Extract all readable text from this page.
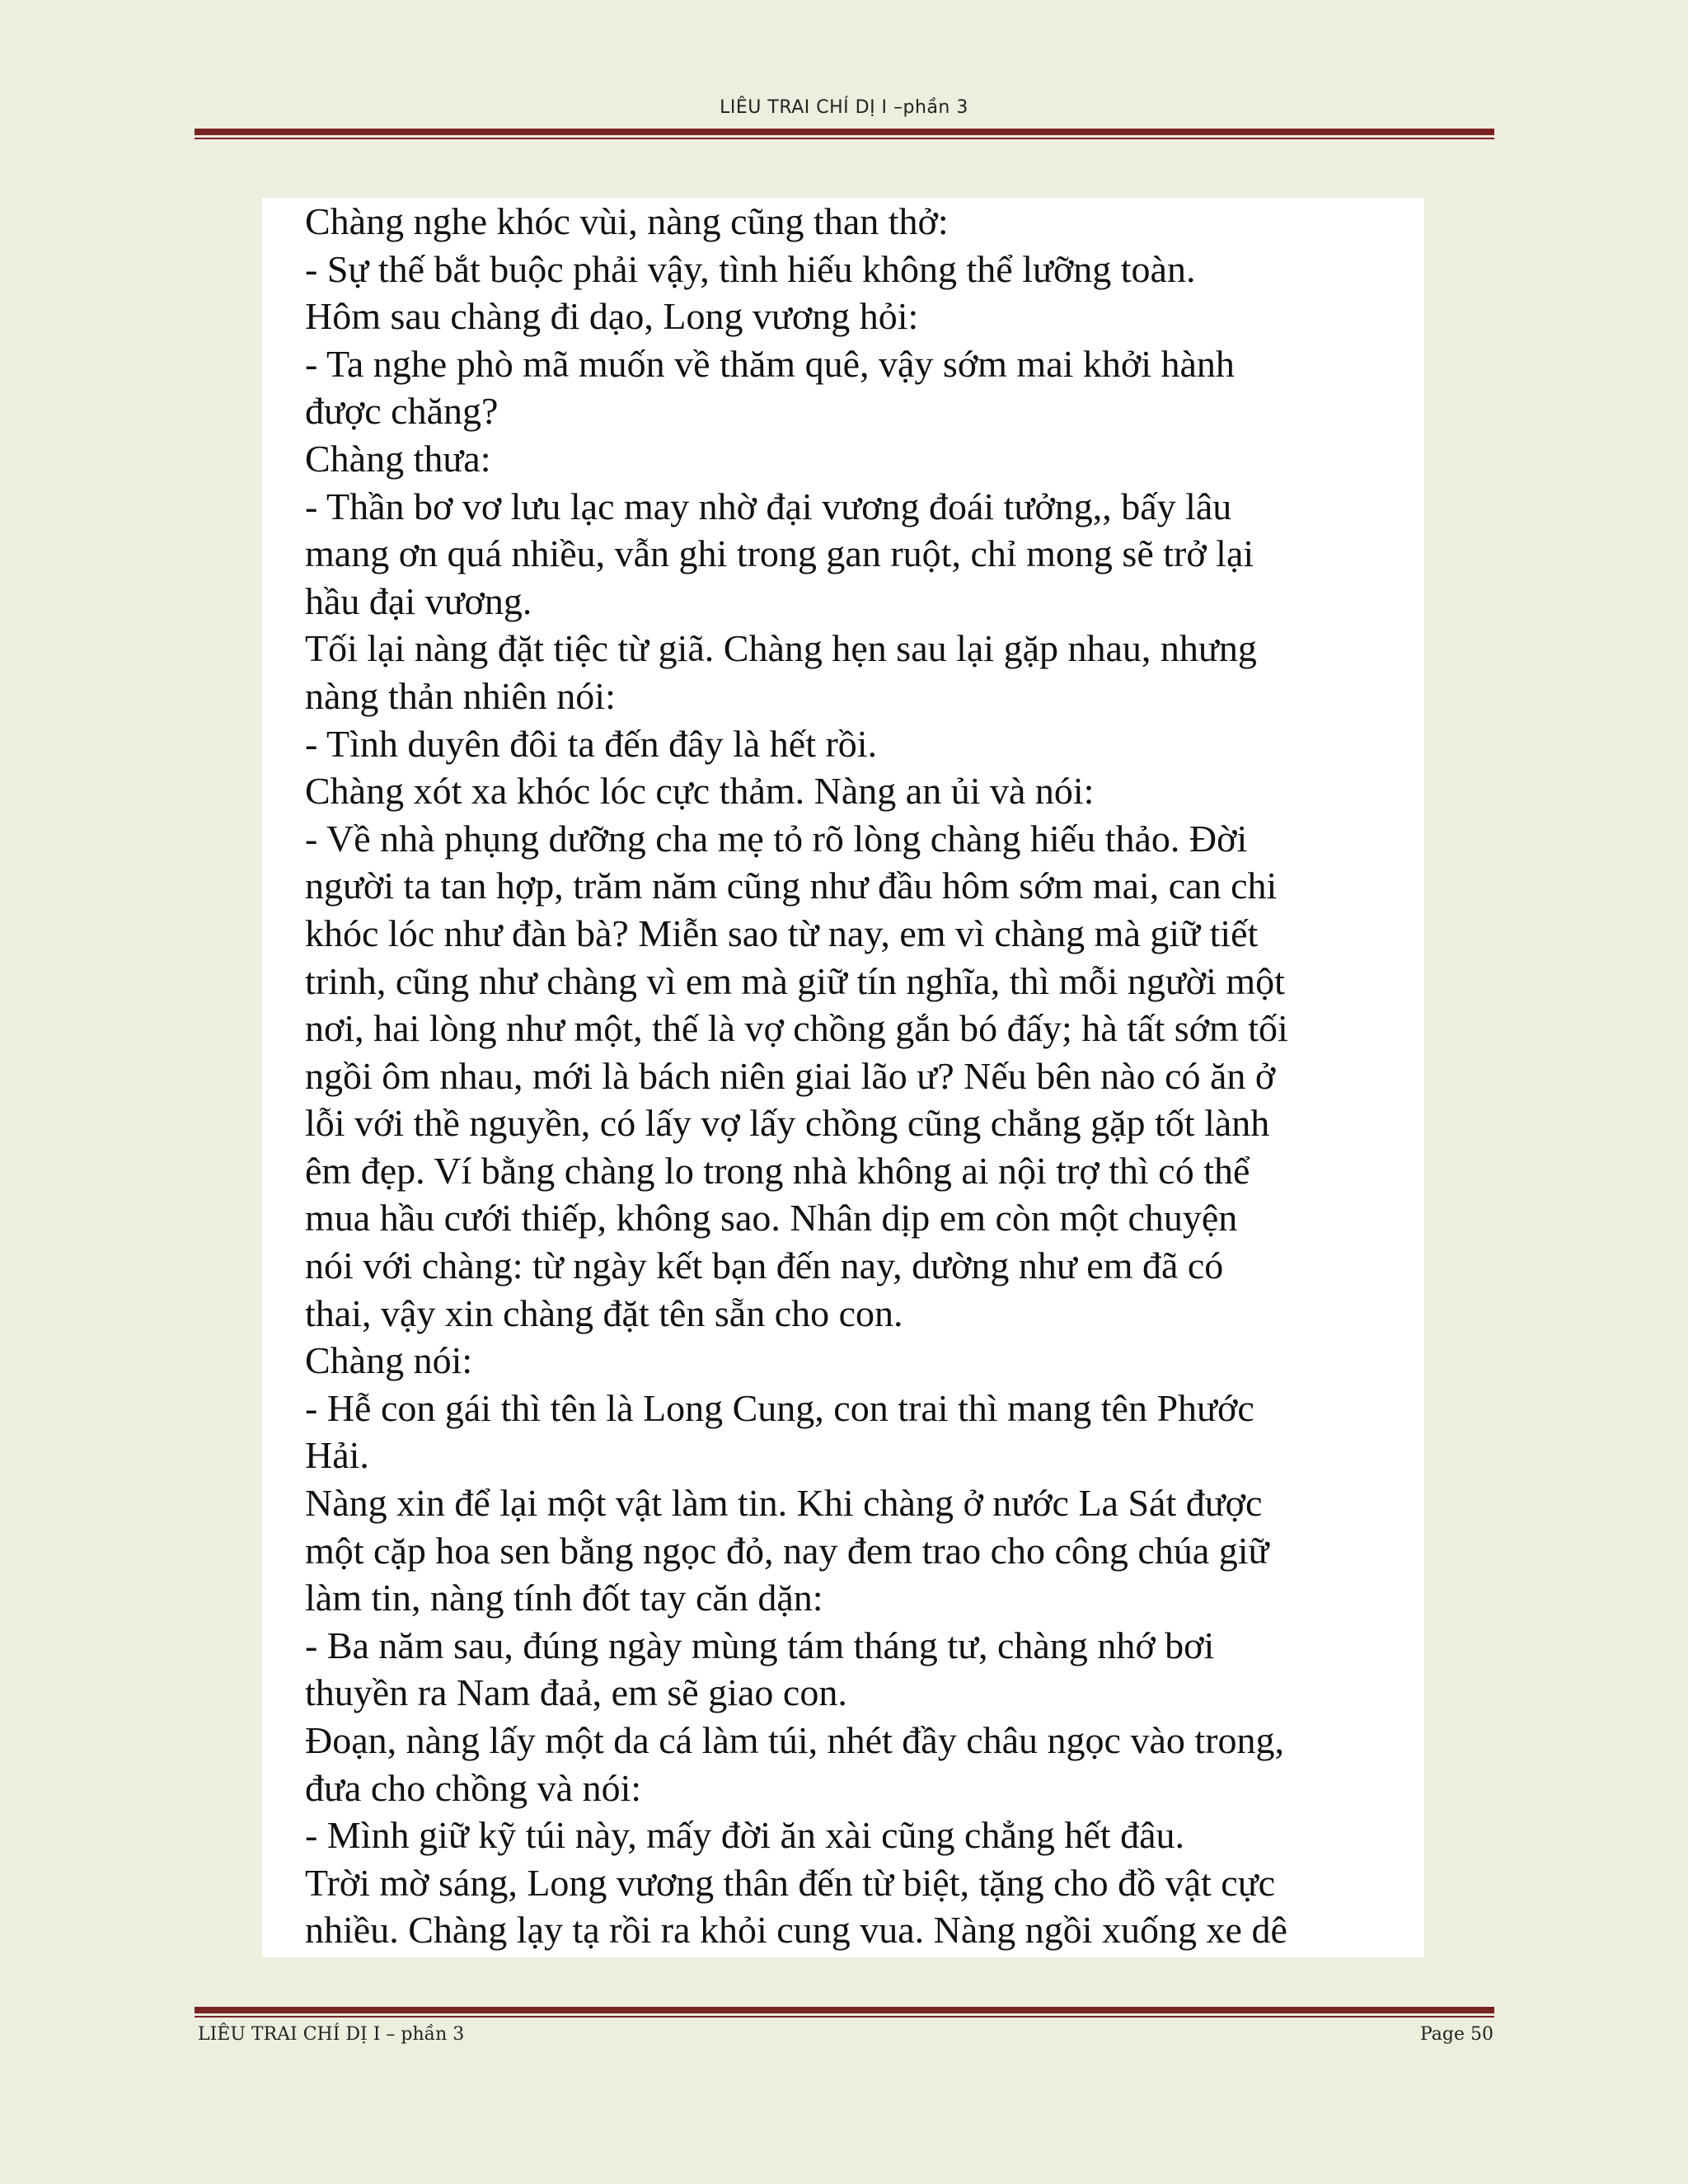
LIÊU TRAI CHÍ DỊ I –phần 3
Chàng nghe khóc vùi, nàng cũng than thở:
- Sự thế bắt buộc phải vậy, tình hiếu không thể lưỡng toàn.
Hôm sau chàng đi dạo, Long vương hỏi:
- Ta nghe phò mã muốn về thăm quê, vậy sớm mai khởi hành
được chăng?
Chàng thưa:
- Thần bơ vơ lưu lạc may nhờ đại vương đoái tưởng,, bấy lâu
mang ơn quá nhiều, vẫn ghi trong gan ruột, chỉ mong sẽ trở lại
hầu đại vương.
Tối lại nàng đặt tiệc từ giã. Chàng hẹn sau lại gặp nhau, nhưng
nàng thản nhiên nói:
- Tình duyên đôi ta đến đây là hết rồi.
Chàng xót xa khóc lóc cực thảm. Nàng an ủi và nói:
- Về nhà phụng dưỡng cha mẹ tỏ rõ lòng chàng hiếu thảo. Đời
người ta tan hợp, trăm năm cũng như đầu hôm sớm mai, can chi
khóc lóc như đàn bà? Miễn sao từ nay, em vì chàng mà giữ tiết
trinh, cũng như chàng vì em mà giữ tín nghĩa, thì mỗi người một
nơi, hai lòng như một, thế là vợ chồng gắn bó đấy; hà tất sớm tối
ngồi ôm nhau, mới là bách niên giai lão ư? Nếu bên nào có ăn ở
lỗi với thề nguyền, có lấy vợ lấy chồng cũng chẳng gặp tốt lành
êm đẹp. Ví bằng chàng lo trong nhà không ai nội trợ thì có thể
mua hầu cưới thiếp, không sao. Nhân dịp em còn một chuyện
nói với chàng: từ ngày kết bạn đến nay, dường như em đã có
thai, vậy xin chàng đặt tên sẵn cho con.
Chàng nói:
- Hễ con gái thì tên là Long Cung, con trai thì mang tên Phước
Hải.
Nàng xin để lại một vật làm tin. Khi chàng ở nước La Sát được
một cặp hoa sen bằng ngọc đỏ, nay đem trao cho công chúa giữ
làm tin, nàng tính đốt tay căn dặn:
- Ba năm sau, đúng ngày mùng tám tháng tư, chàng nhớ bơi
thuyền ra Nam đaả, em sẽ giao con.
Đoạn, nàng lấy một da cá làm túi, nhét đầy châu ngọc vào trong,
đưa cho chồng và nói:
- Mình giữ kỹ túi này, mấy đời ăn xài cũng chẳng hết đâu.
Trời mờ sáng, Long vương thân đến từ biệt, tặng cho đồ vật cực
nhiều. Chàng lạy tạ rồi ra khỏi cung vua. Nàng ngồi xuống xe dê
LIÊU TRAI CHÍ DỊ I – phần 3	Page 50
